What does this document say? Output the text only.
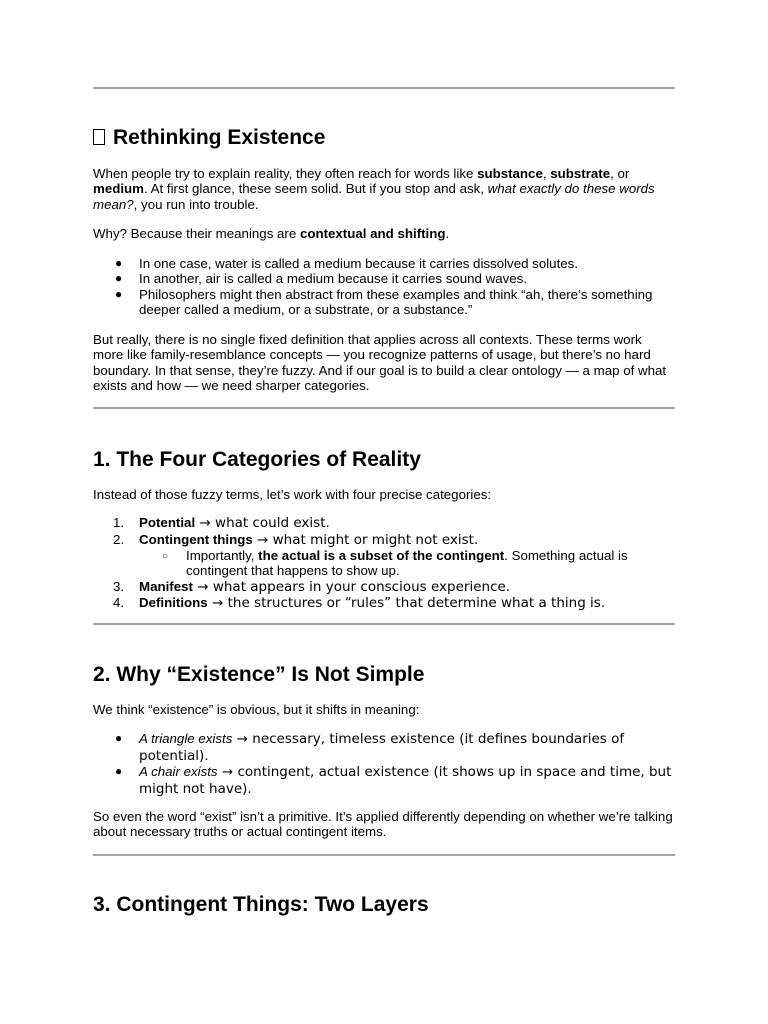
Rethinking Existence

When people try to explain reality, they often reach for words like substance, substrate, or medium. At first glance, these seem solid. But if you stop and ask, what exactly do these words mean?, you run into trouble.

Why? Because their meanings are contextual and shifting.

● In one case, water is called a medium because it carries dissolved solutes.
● In another, air is called a medium because it carries sound waves.
● Philosophers might then abstract from these examples and think “ah, there’s something deeper called a medium, or a substrate, or a substance.”

But really, there is no single fixed definition that applies across all contexts. These terms work more like family-resemblance concepts — you recognize patterns of usage, but there’s no hard boundary. In that sense, they’re fuzzy. And if our goal is to build a clear ontology — a map of what exists and how — we need sharper categories.

1. The Four Categories of Reality

Instead of those fuzzy terms, let’s work with four precise categories:

1. Potential → what could exist.
2. Contingent things → what might or might not exist.
○ Importantly, the actual is a subset of the contingent. Something actual is contingent that happens to show up.
3. Manifest → what appears in your conscious experience.
4. Definitions → the structures or “rules” that determine what a thing is.
2. Why “Existence” Is Not Simple

We think “existence” is obvious, but it shifts in meaning:

● A triangle exists → necessary, timeless existence (it defines boundaries of potential).
● A chair exists → contingent, actual existence (it shows up in space and time, but might not have).

So even the word “exist” isn’t a primitive. It’s applied differently depending on whether we’re talking about necessary truths or actual contingent items.

3. Contingent Things: Two Layers
